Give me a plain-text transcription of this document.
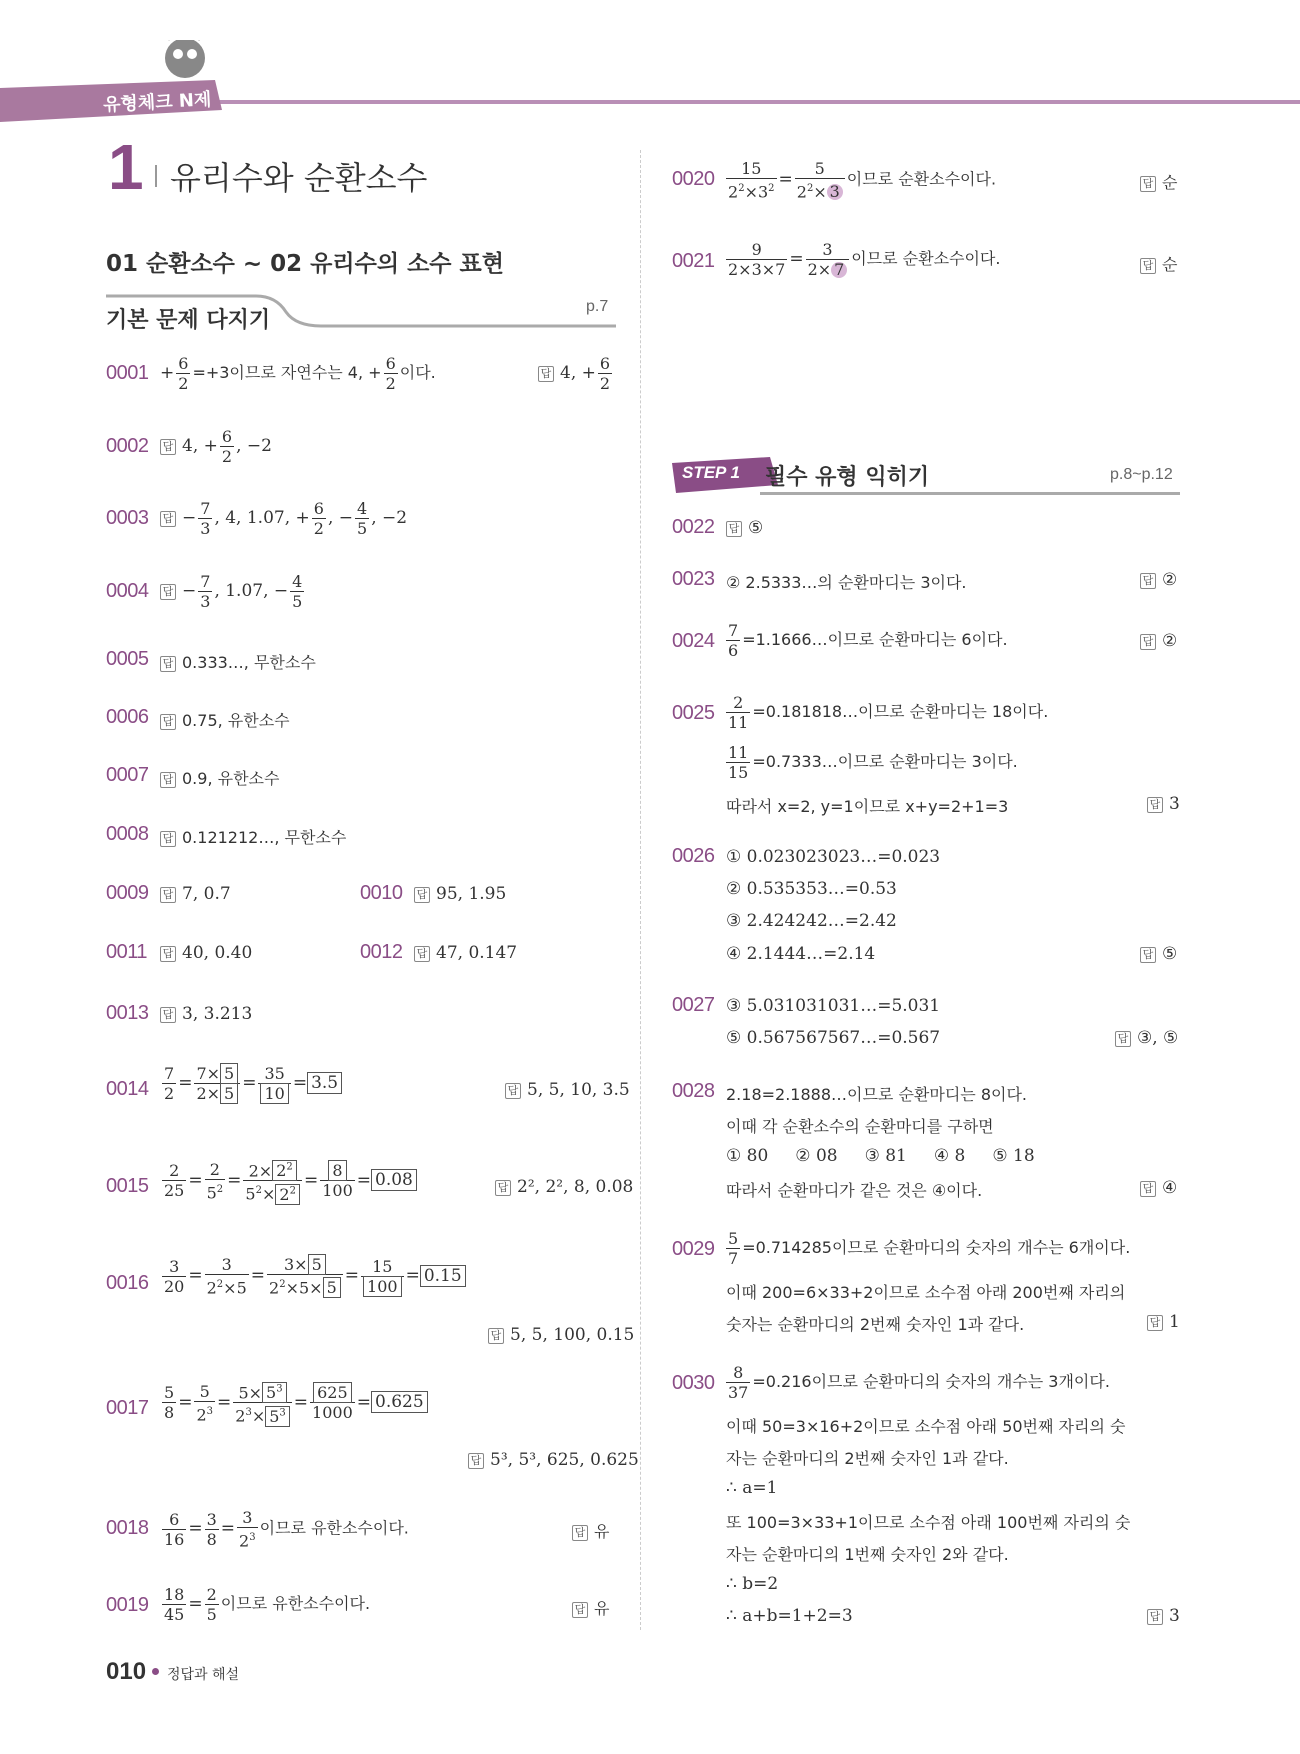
유형체크 N제
1 유리수와 순환소수
01 순환소수 ~ 02 유리수의 소수 표현
기본 문제 다지기
p.7
$0001 + \frac{6}{2} =+3$이므로 자연수는 4, + $\frac{6}{2}$ 이다.	답 4, + $\frac{6}{2}$
0002 답 4, + $\frac{6}{2}$ , −2
0003 답 − $\frac{7}{3}$ , 4, 1.07, + $\frac{6}{2}$ , − $\frac{4}{5}$ , −2
0004 답 − $\frac{7}{3}$ , 1.07, − $\frac{4}{5}$
0005 답 0.333…, 무한소수
0006 답 0.75, 유한소수
0007 답 0.9, 유한소수
0008 답 0.121212…, 무한소수
0009 답 7, 0.7	0010 답 95, 1.95
0011 답 40, 0.40	0012 답 47, 0.147
0013 답 3, 3.213
$0014 \frac{7}{2} = \frac{7\times 5}{2\times 5} = \frac{35}{10} = 3.5$	답 5, 5, 10, 3.5
$0015 \frac{2}{25} = \frac{2}{5^2} = \frac{2\times 2^2}{5^2\times 2^2} = \frac{8}{100} = 0.08$	답 2², 2², 8, 0.08
$0016 \frac{3}{20} = \frac{3}{2^2\times 5} = \frac{3\times 5}{2^2\times 5\times 5} = \frac{15}{100} = 0.15$
답 5, 5, 100, 0.15
$0017 \frac{5}{8} = \frac{5}{2^3} = \frac{5\times 5^3}{2^3\times 5^3} = \frac{625}{1000} = 0.625$
답 5³, 5³, 625, 0.625
$0018 \frac{6}{16} = \frac{3}{8} = \frac{3}{2^3}$ 이므로 유한소수이다.	답 유
$0019 \frac{18}{45} = \frac{2}{5}$ 이므로 유한소수이다.	답 유
010 정답과 해설
$0020 \frac{15}{2^2\times 3^2} = \frac{5}{2^2\times 3}$ 이므로 순환소수이다.	답 순
$0021 \frac{9}{2\times 3\times 7} = \frac{3}{2\times 7}$ 이므로 순환소수이다.	답 순
STEP 1 필수 유형 익히기	p.8~p.12
0022 답 ⑤
0023 ② 2.5333…의 순환마디는 3이다.	답 ②
$0024 \frac{7}{6}$ =1.1666…이므로 순환마디는 6이다.	답 ②
$0025 \frac{2}{11}$ =0.181818…이므로 순환마디는 18이다.
$\frac{11}{15}$ =0.7333…이므로 순환마디는 3이다.
따라서 x=2, y=1이므로 x+y=2+1=3	답 3
0026 ① 0.023023023…=0.023
② 0.535353…=0.53
③ 2.424242…=2.42
④ 2.1444…=2.14	답 ⑤
0027 ③ 5.031031031…=5.031
⑤ 0.567567567…=0.567	답 ③, ⑤
0028 2.18=2.1888…이므로 순환마디는 8이다.
이때 각 순환소수의 순환마디를 구하면
① 80     ② 08     ③ 81     ④ 8     ⑤ 18
따라서 순환마디가 같은 것은 ④이다.	답 ④
$0029 \frac{5}{7} =0.714285$이므로 순환마디의 숫자의 개수는 6개이다.
이때 200=6×33+2이므로 소수점 아래 200번째 자리의
숫자는 순환마디의 2번째 숫자인 1과 같다.	답 1
$0030 \frac{8}{37} =0.216$이므로 순환마디의 숫자의 개수는 3개이다.
이때 50=3×16+2이므로 소수점 아래 50번째 자리의 숫
자는 순환마디의 2번째 숫자인 1과 같다.
∴ a=1
또 100=3×33+1이므로 소수점 아래 100번째 자리의 숫
자는 순환마디의 1번째 숫자인 2와 같다.
∴ b=2
∴ a+b=1+2=3	답 3
